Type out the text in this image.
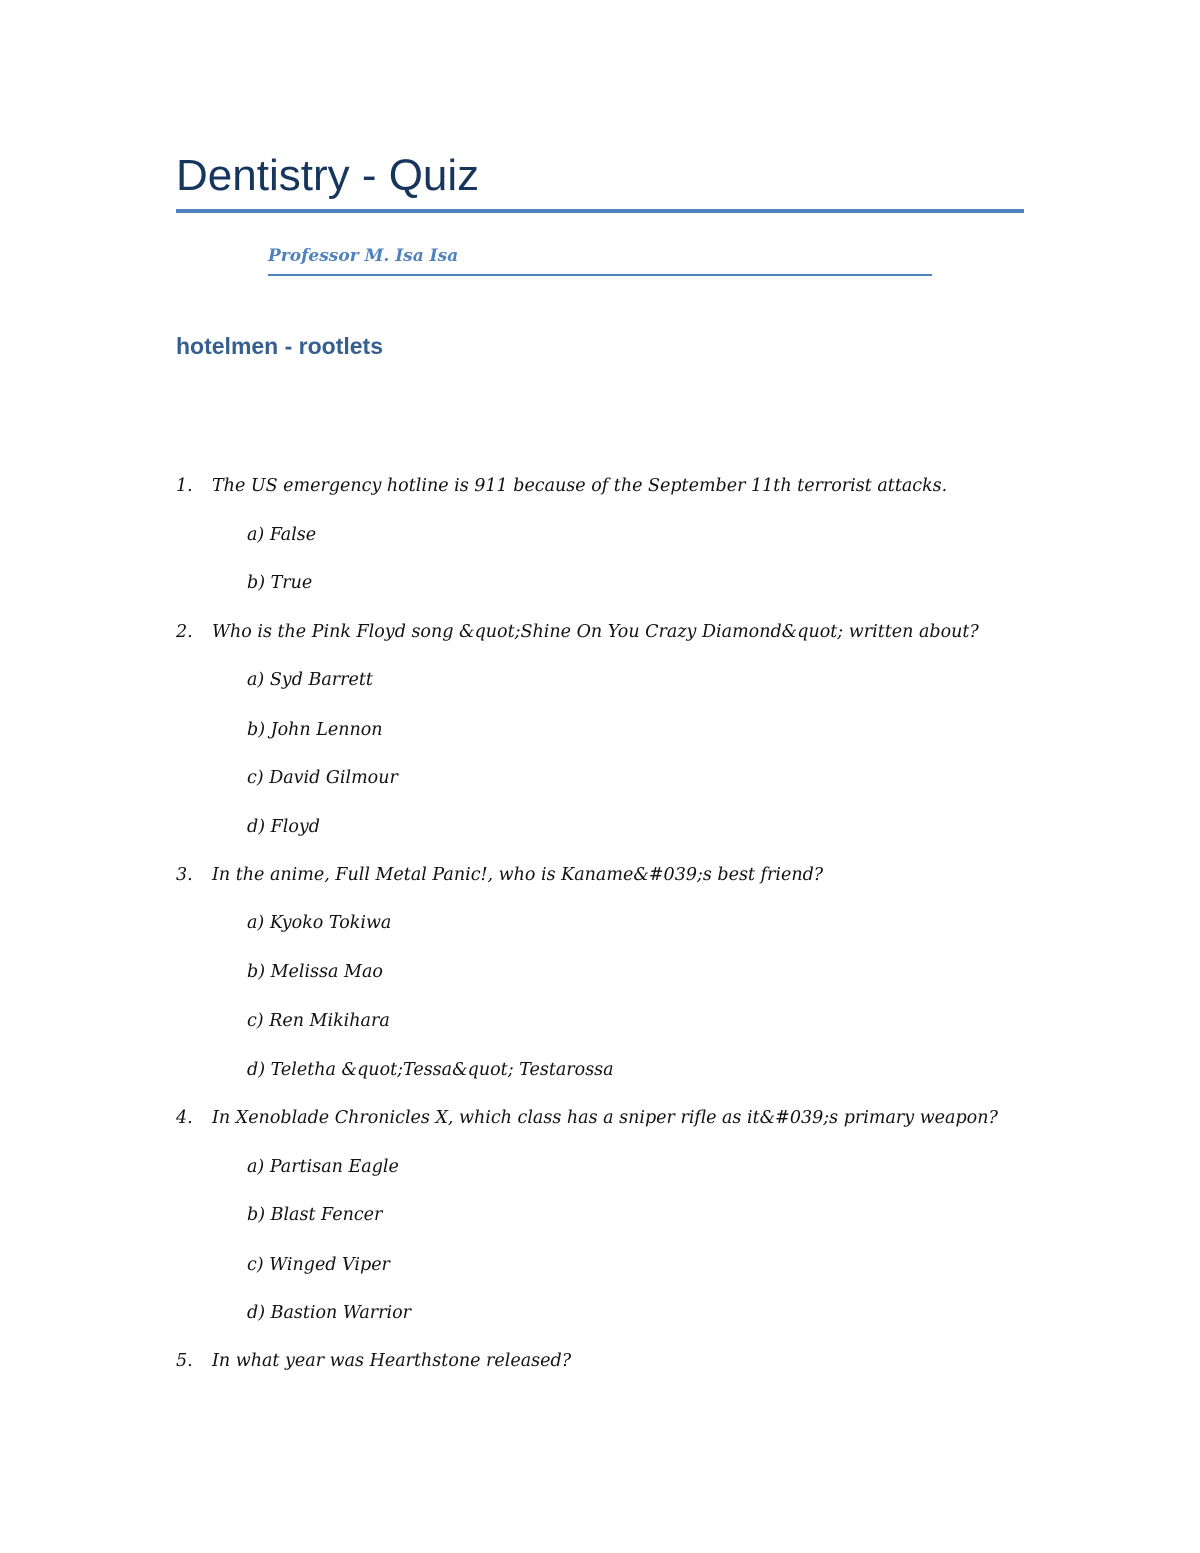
Dentistry - Quiz
Professor M. Isa Isa
hotelmen - rootlets
1. The US emergency hotline is 911 because of the September 11th terrorist attacks.
a) False
b) True
2. Who is the Pink Floyd song &quot;Shine On You Crazy Diamond&quot; written about?
a) Syd Barrett
b) John Lennon
c) David Gilmour
d) Floyd
3. In the anime, Full Metal Panic!, who is Kaname&#039;s best friend?
a) Kyoko Tokiwa
b) Melissa Mao
c) Ren Mikihara
d) Teletha &quot;Tessa&quot; Testarossa
4. In Xenoblade Chronicles X, which class has a sniper rifle as it&#039;s primary weapon?
a) Partisan Eagle
b) Blast Fencer
c) Winged Viper
d) Bastion Warrior
5. In what year was Hearthstone released?
